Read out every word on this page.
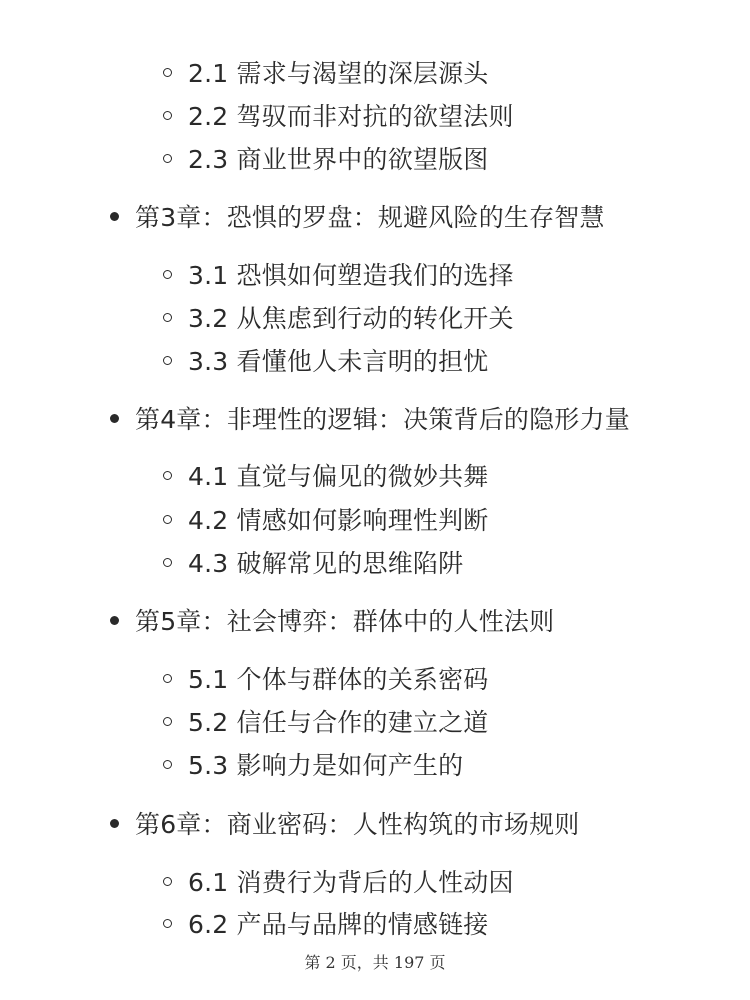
2.1 需求与渴望的深层源头
2.2 驾驭而非对抗的欲望法则
2.3 商业世界中的欲望版图
第3章：恐惧的罗盘：规避风险的生存智慧
3.1 恐惧如何塑造我们的选择
3.2 从焦虑到行动的转化开关
3.3 看懂他人未言明的担忧
第4章：非理性的逻辑：决策背后的隐形力量
4.1 直觉与偏见的微妙共舞
4.2 情感如何影响理性判断
4.3 破解常见的思维陷阱
第5章：社会博弈：群体中的人性法则
5.1 个体与群体的关系密码
5.2 信任与合作的建立之道
5.3 影响力是如何产生的
第6章：商业密码：人性构筑的市场规则
6.1 消费行为背后的人性动因
6.2 产品与品牌的情感链接
第 2 页，共 197 页
